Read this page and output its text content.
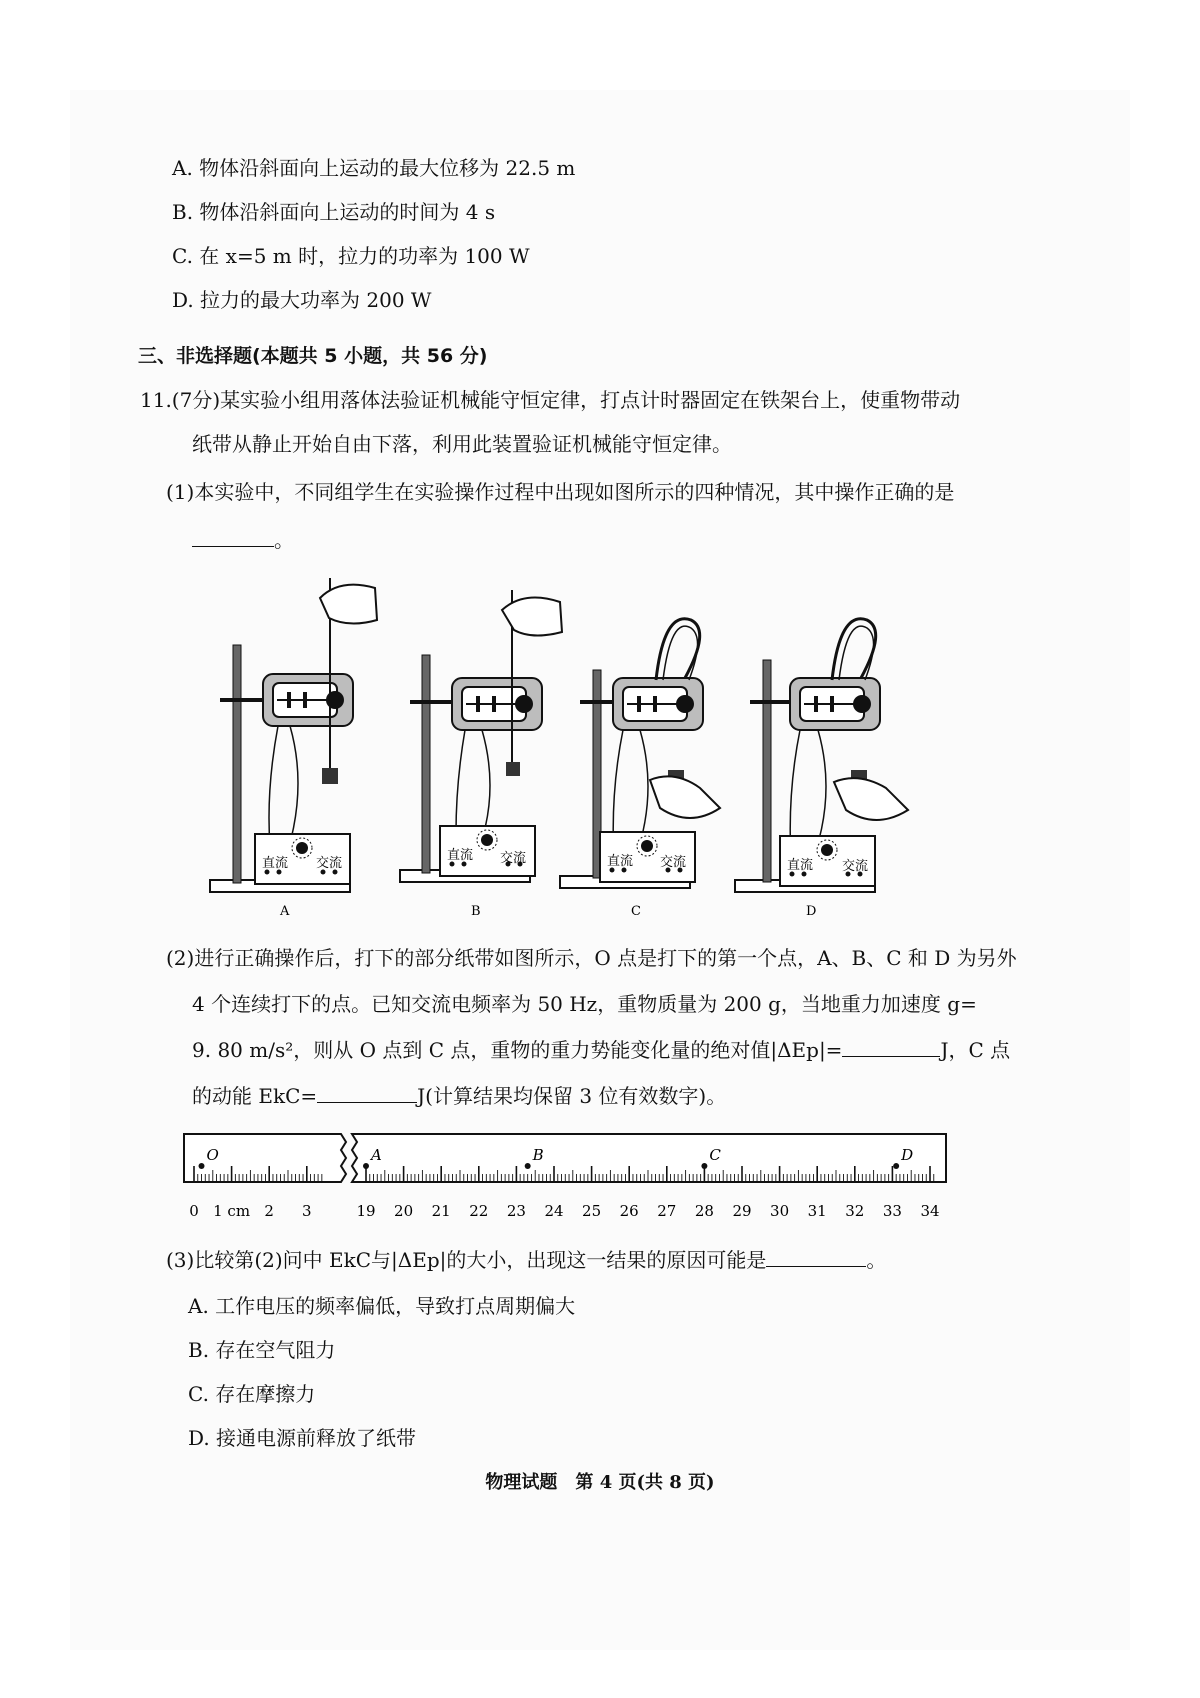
A. 物体沿斜面向上运动的最大位移为 22.5 m
B. 物体沿斜面向上运动的时间为 4 s
C. 在 x=5 m 时，拉力的功率为 100 W
D. 拉力的最大功率为 200 W
三、非选择题(本题共 5 小题，共 56 分)
11.(7分)某实验小组用落体法验证机械能守恒定律，打点计时器固定在铁架台上，使重物带动
纸带从静止开始自由下落，利用此装置验证机械能守恒定律。
(1)本实验中，不同组学生在实验操作过程中出现如图所示的四种情况，其中操作正确的是
。
直流 交流
A
直流 交流
B
直流 交流
C
直流 交流
D
(2)进行正确操作后，打下的部分纸带如图所示，O 点是打下的第一个点，A、B、C 和 D 为另外
4 个连续打下的点。已知交流电频率为 50 Hz，重物质量为 200 g，当地重力加速度 g=
9. 80 m/s²，则从 O 点到 C 点，重物的重力势能变化量的绝对值|ΔEp|=	J，C 点
的动能 EkC=	J(计算结果均保留 3 位有效数字)。
0 1 cm 2 3	19 20 21 22 23 24 25 26 27 28 29 30 31 32 33 34
O	A	B	C	D
(3)比较第(2)问中 EkC与|ΔEp|的大小，出现这一结果的原因可能是	。
A. 工作电压的频率偏低，导致打点周期偏大
B. 存在空气阻力
C. 存在摩擦力
D. 接通电源前释放了纸带
物理试题　第 4 页(共 8 页)
